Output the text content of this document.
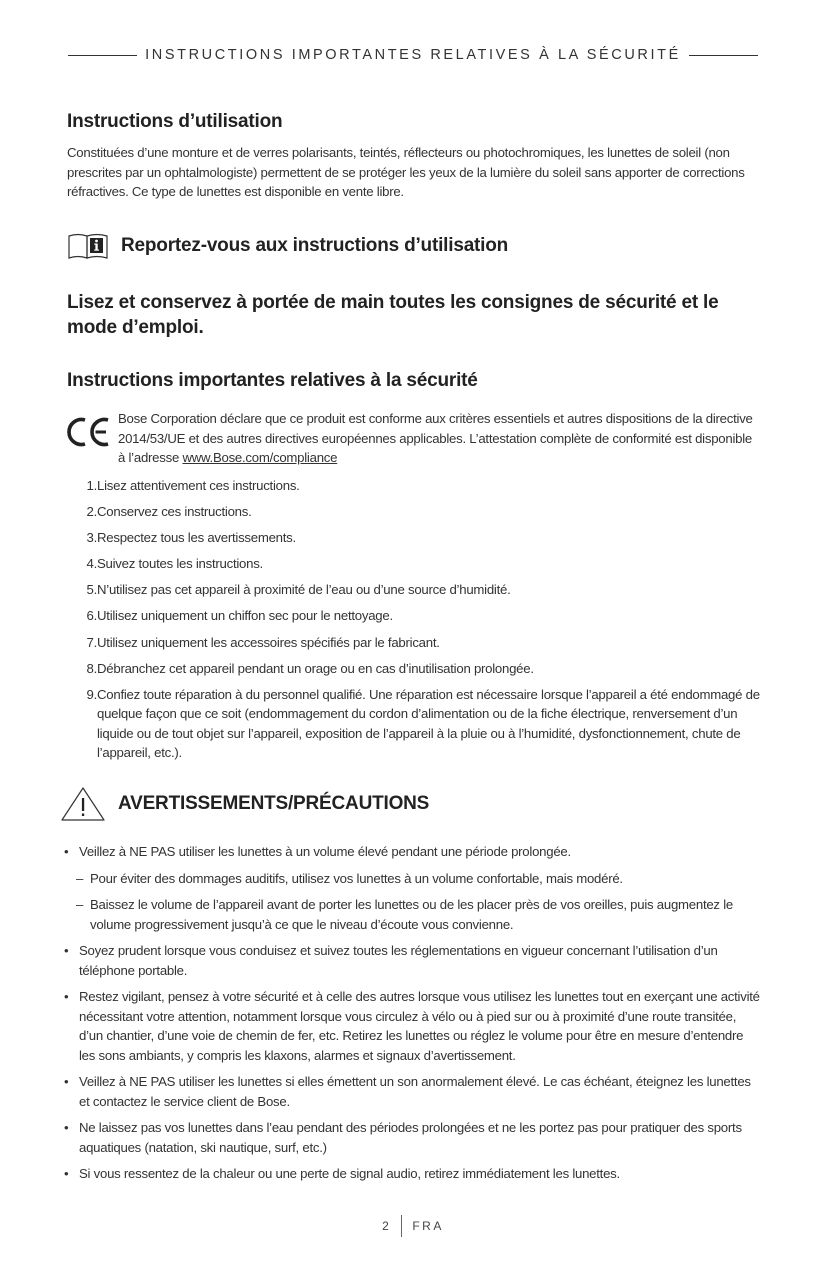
INSTRUCTIONS IMPORTANTES RELATIVES À LA SÉCURITÉ
Instructions d’utilisation

Constituées d’une monture et de verres polarisants, teintés, réflecteurs ou photochromiques, les lunettes de soleil (non prescrites par un ophtalmologiste) permettent de se protéger les yeux de la lumière du soleil sans apporter de corrections réfractives. Ce type de lunettes est disponible en vente libre.

Reportez-vous aux instructions d’utilisation

Lisez et conservez à portée de main toutes les consignes de sécurité et le mode d’emploi.

Instructions importantes relatives à la sécurité

Bose Corporation déclare que ce produit est conforme aux critères essentiels et autres dispositions de la directive 2014/53/UE et des autres directives européennes applicables. L’attestation complète de conformité est disponible à l’adresse www.Bose.com/compliance

1. Lisez attentivement ces instructions.
2. Conservez ces instructions.
3. Respectez tous les avertissements.
4. Suivez toutes les instructions.
5. N’utilisez pas cet appareil à proximité de l’eau ou d’une source d’humidité.
6. Utilisez uniquement un chiffon sec pour le nettoyage.
7. Utilisez uniquement les accessoires spécifiés par le fabricant.
8. Débranchez cet appareil pendant un orage ou en cas d’inutilisation prolongée.
9. Confiez toute réparation à du personnel qualifié. Une réparation est nécessaire lorsque l’appareil a été endommagé de quelque façon que ce soit (endommagement du cordon d’alimentation ou de la fiche électrique, renversement d’un liquide ou de tout objet sur l’appareil, exposition de l’appareil à la pluie ou à l’humidité, dysfonctionnement, chute de l’appareil, etc.).
AVERTISSEMENTS/PRÉCAUTIONS
• Veillez à NE PAS utiliser les lunettes à un volume élevé pendant une période prolongée.
– Pour éviter des dommages auditifs, utilisez vos lunettes à un volume confortable, mais modéré.
– Baissez le volume de l’appareil avant de porter les lunettes ou de les placer près de vos oreilles, puis augmentez le volume progressivement jusqu’à ce que le niveau d’écoute vous convienne.
• Soyez prudent lorsque vous conduisez et suivez toutes les réglementations en vigueur concernant l’utilisation d’un téléphone portable.
• Restez vigilant, pensez à votre sécurité et à celle des autres lorsque vous utilisez les lunettes tout en exerçant une activité nécessitant votre attention, notamment lorsque vous circulez à vélo ou à pied sur ou à proximité d’une route transitée, d’un chantier, d’une voie de chemin de fer, etc. Retirez les lunettes ou réglez le volume pour être en mesure d’entendre les sons ambiants, y compris les klaxons, alarmes et signaux d’avertissement.
• Veillez à NE PAS utiliser les lunettes si elles émettent un son anormalement élevé. Le cas échéant, éteignez les lunettes et contactez le service client de Bose.
• Ne laissez pas vos lunettes dans l’eau pendant des périodes prolongées et ne les portez pas pour pratiquer des sports aquatiques (natation, ski nautique, surf, etc.)
• Si vous ressentez de la chaleur ou une perte de signal audio, retirez immédiatement les lunettes.
2	FRA
